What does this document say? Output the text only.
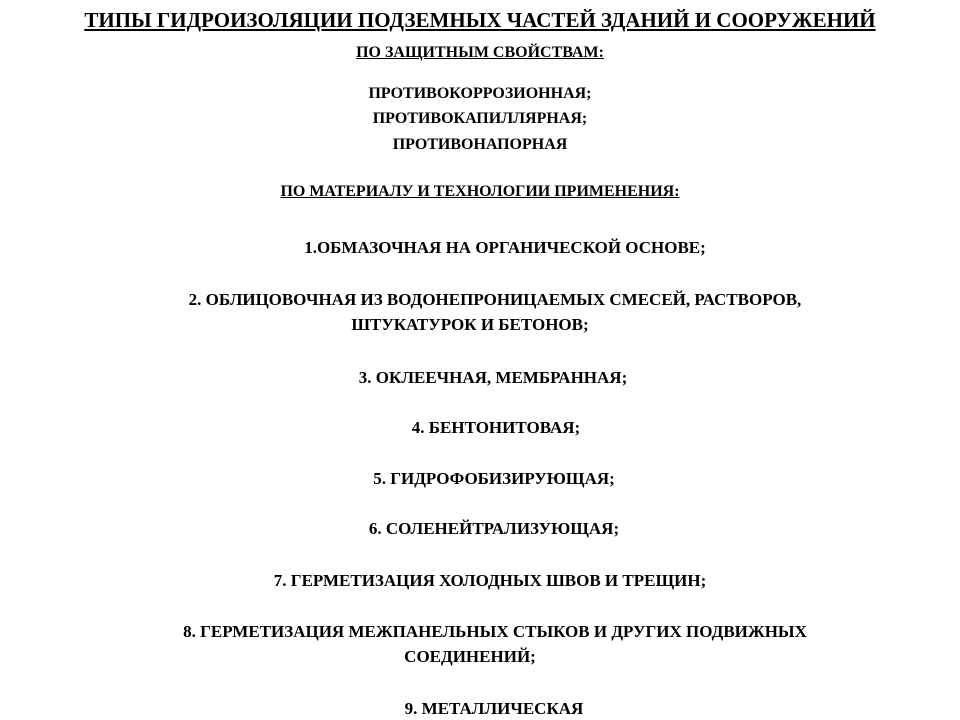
ТИПЫ ГИДРОИЗОЛЯЦИИ ПОДЗЕМНЫХ ЧАСТЕЙ ЗДАНИЙ И СООРУЖЕНИЙ
ПО ЗАЩИТНЫМ СВОЙСТВАМ:
ПРОТИВОКОРРОЗИОННАЯ;
ПРОТИВОКАПИЛЛЯРНАЯ;
ПРОТИВОНАПОРНАЯ
ПО МАТЕРИАЛУ И ТЕХНОЛОГИИ ПРИМЕНЕНИЯ:
1.ОБМАЗОЧНАЯ НА ОРГАНИЧЕСКОЙ ОСНОВЕ;
2. ОБЛИЦОВОЧНАЯ ИЗ ВОДОНЕПРОНИЦАЕМЫХ СМЕСЕЙ, РАСТВОРОВ,
ШТУКАТУРОК И БЕТОНОВ;
3. ОКЛЕЕЧНАЯ, МЕМБРАННАЯ;
4. БЕНТОНИТОВАЯ;
5. ГИДРОФОБИЗИРУЮЩАЯ;
6. СОЛЕНЕЙТРАЛИЗУЮЩАЯ;
7. ГЕРМЕТИЗАЦИЯ ХОЛОДНЫХ ШВОВ И ТРЕЩИН;
8. ГЕРМЕТИЗАЦИЯ МЕЖПАНЕЛЬНЫХ СТЫКОВ И ДРУГИХ ПОДВИЖНЫХ
СОЕДИНЕНИЙ;
9. МЕТАЛЛИЧЕСКАЯ
